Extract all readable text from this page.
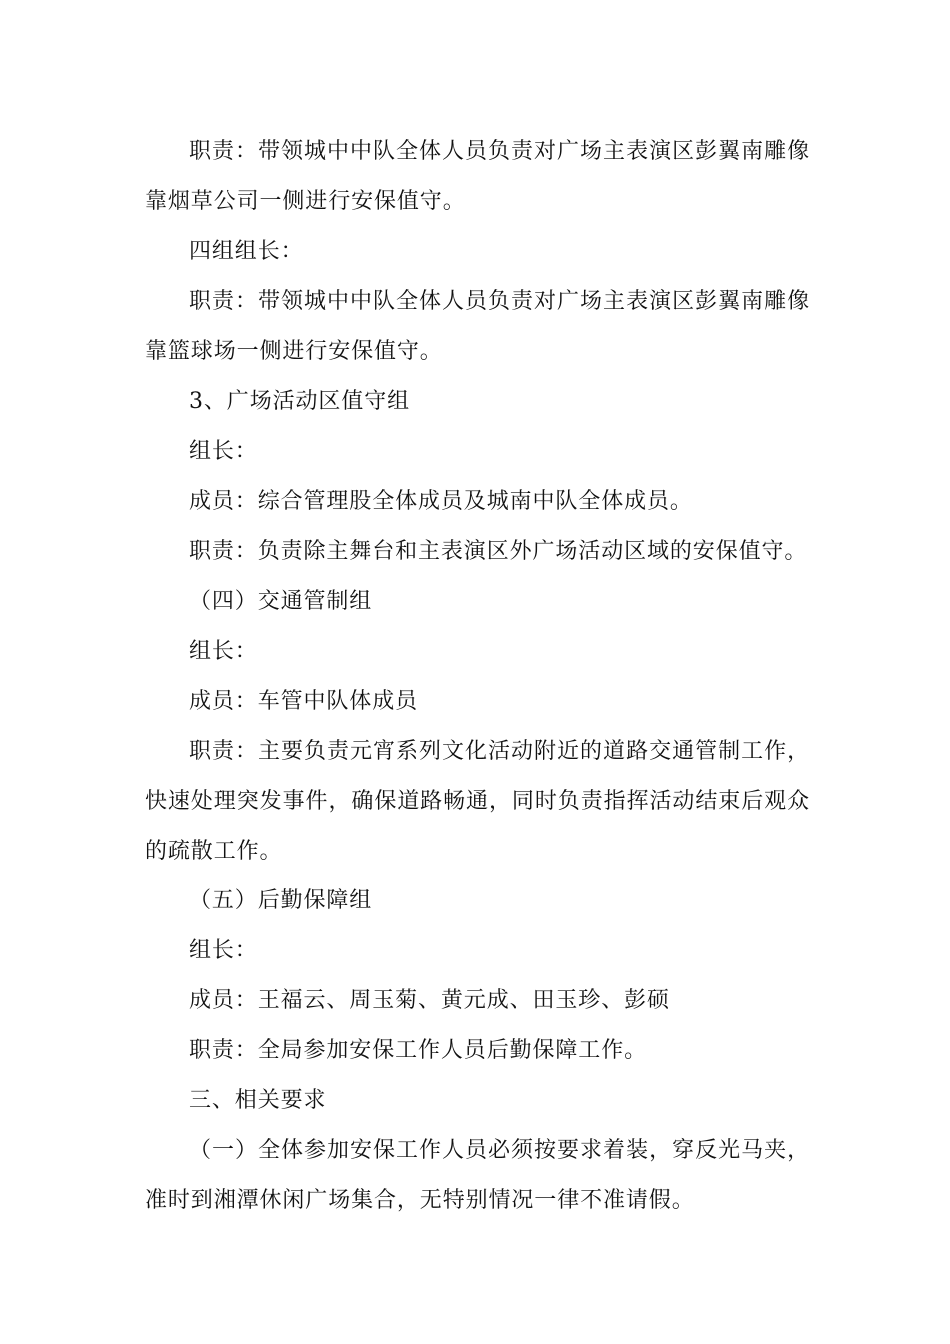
职责：带领城中中队全体人员负责对广场主表演区彭翼南雕像靠烟草公司一侧进行安保值守。

四组组长：

职责：带领城中中队全体人员负责对广场主表演区彭翼南雕像靠篮球场一侧进行安保值守。

3、广场活动区值守组

组长：

成员：综合管理股全体成员及城南中队全体成员。

职责：负责除主舞台和主表演区外广场活动区域的安保值守。

（四）交通管制组

组长：

成员：车管中队体成员

职责：主要负责元宵系列文化活动附近的道路交通管制工作，快速处理突发事件，确保道路畅通，同时负责指挥活动结束后观众的疏散工作。

（五）后勤保障组

组长：

成员：王福云、周玉菊、黄元成、田玉珍、彭硕

职责：全局参加安保工作人员后勤保障工作。

三、相关要求

（一）全体参加安保工作人员必须按要求着装，穿反光马夹，准时到湘潭休闲广场集合，无特别情况一律不准请假。
